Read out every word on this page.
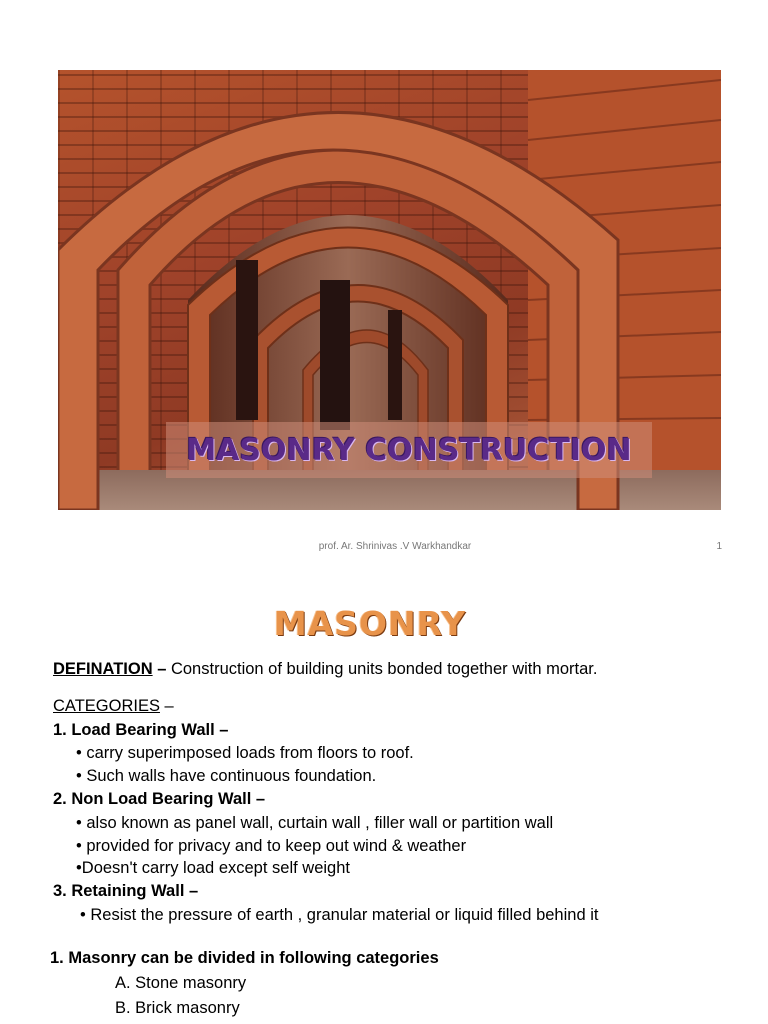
MASONRY CONSTRUCTION
prof. Ar. Shrinivas .V Warkhandkar	1
MASONRY
DEFINATION – Construction of building units bonded together with mortar.
CATEGORIES –
1. Load Bearing Wall –
• carry superimposed loads from floors to roof.
• Such walls have continuous foundation.
2. Non Load Bearing Wall –
• also known as panel wall, curtain wall , filler wall or partition wall
• provided for privacy and to keep out wind & weather
•Doesn't carry load except self weight
3. Retaining Wall –
• Resist the pressure of earth , granular material or liquid filled behind it
1. Masonry can be divided in following categories
A. Stone masonry
B. Brick masonry
